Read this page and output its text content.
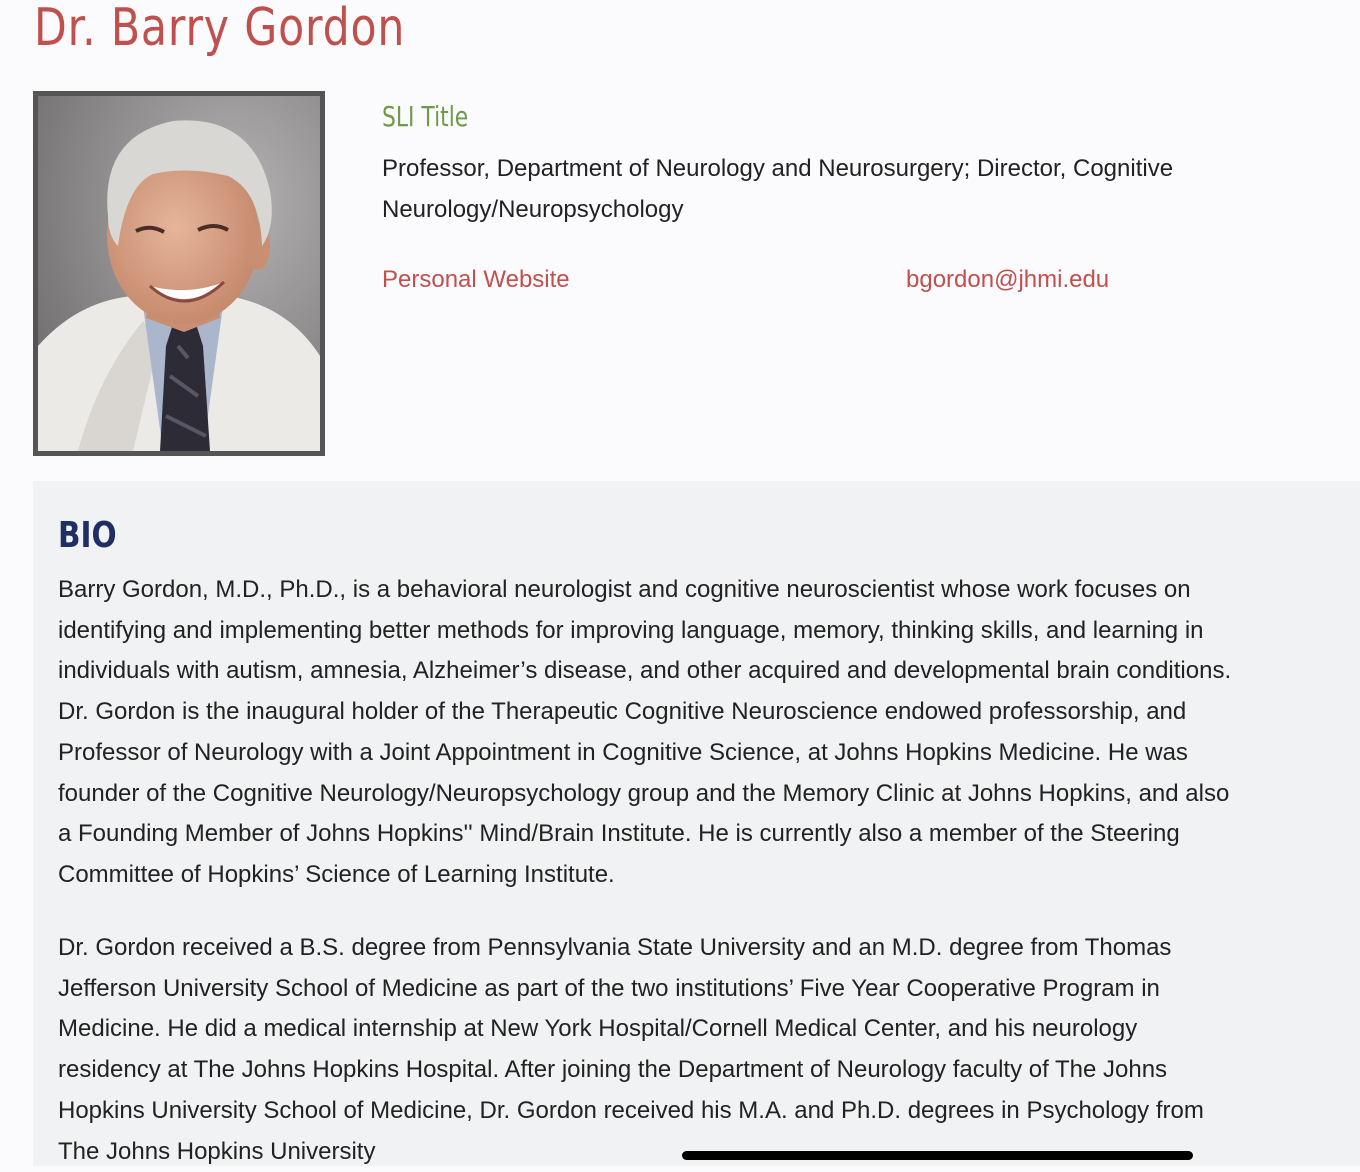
Dr. Barry Gordon
SLI Title
Professor, Department of Neurology and Neurosurgery; Director, Cognitive
Neurology/Neuropsychology
Personal Website	bgordon@jhmi.edu
BIO

Barry Gordon, M.D., Ph.D., is a behavioral neurologist and cognitive neuroscientist whose work focuses on
identifying and implementing better methods for improving language, memory, thinking skills, and learning in
individuals with autism, amnesia, Alzheimer’s disease, and other acquired and developmental brain conditions.
Dr. Gordon is the inaugural holder of the Therapeutic Cognitive Neuroscience endowed professorship, and
Professor of Neurology with a Joint Appointment in Cognitive Science, at Johns Hopkins Medicine. He was
founder of the Cognitive Neurology/Neuropsychology group and the Memory Clinic at Johns Hopkins, and also
a Founding Member of Johns Hopkins'' Mind/Brain Institute. He is currently also a member of the Steering
Committee of Hopkins’ Science of Learning Institute.

Dr. Gordon received a B.S. degree from Pennsylvania State University and an M.D. degree from Thomas
Jefferson University School of Medicine as part of the two institutions’ Five Year Cooperative Program in
Medicine. He did a medical internship at New York Hospital/Cornell Medical Center, and his neurology
residency at The Johns Hopkins Hospital. After joining the Department of Neurology faculty of The Johns
Hopkins University School of Medicine, Dr. Gordon received his M.A. and Ph.D. degrees in Psychology from
The Johns Hopkins University
